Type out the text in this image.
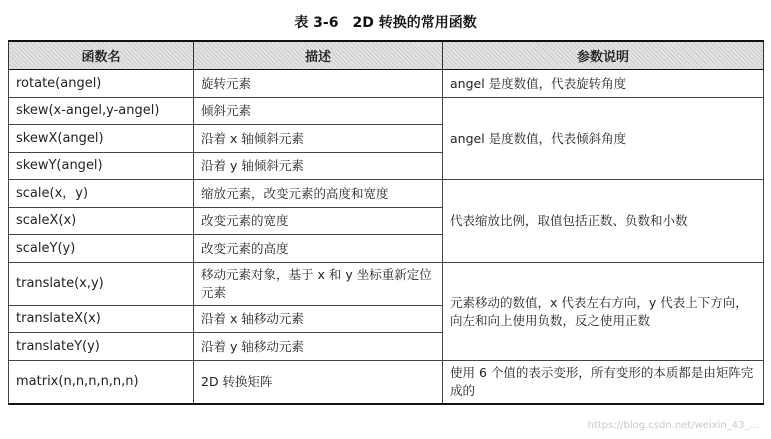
表 3-6　2D 转换的常用函数
函数名	描述	参数说明
rotate(angel)	旋转元素	angel 是度数值，代表旋转角度
skew(x-angel,y-angel)	倾斜元素	angel 是度数值，代表倾斜角度
skewX(angel)	沿着 x 轴倾斜元素	
skewY(angel)	沿着 y 轴倾斜元素	
scale(x，y)	缩放元素，改变元素的高度和宽度	代表缩放比例，取值包括正数、负数和小数
scaleX(x)	改变元素的宽度	
scaleY(y)	改变元素的高度	
translate(x,y)	移动元素对象，基于 x 和 y 坐标重新定位元素	元素移动的数值，x 代表左右方向，y 代表上下方向，向左和向上使用负数，反之使用正数
translateX(x)	沿着 x 轴移动元素	
translateY(y)	沿着 y 轴移动元素	
matrix(n,n,n,n,n,n)	2D 转换矩阵	使用 6 个值的表示变形，所有变形的本质都是由矩阵完成的
https://blog.csdn.net/weixin_43_...
